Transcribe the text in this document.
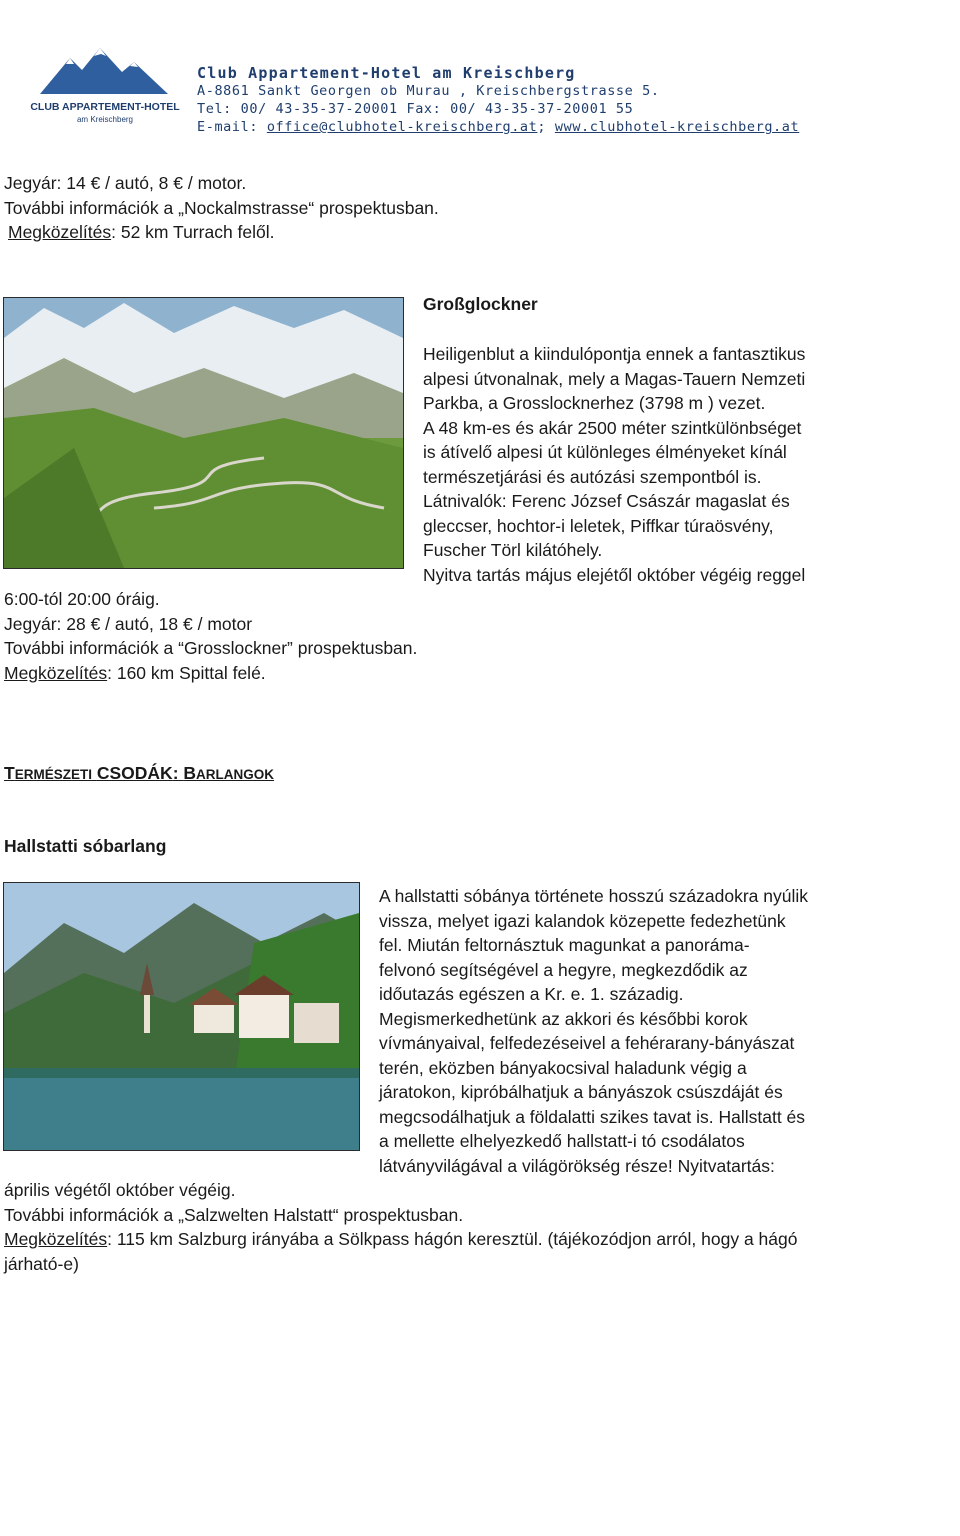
CLUB APPARTEMENT-HOTEL
am Kreischberg
Club Appartement-Hotel am Kreischberg
A-8861 Sankt Georgen ob Murau , Kreischbergstrasse 5.
Tel: 00/ 43-35-37-20001 Fax: 00/ 43-35-37-20001 55
E-mail: office@clubhotel-kreischberg.at; www.clubhotel-kreischberg.at
Jegyár: 14 € / autó, 8 € / motor.
További információk a „Nockalmstrasse“ prospektusban.
Megközelítés: 52 km Turrach felől.
Großglockner
Heiligenblut a kiindulópontja ennek a fantasztikus
alpesi útvonalnak, mely a Magas-Tauern Nemzeti
Parkba, a Grosslocknerhez (3798 m ) vezet.
A 48 km-es és akár 2500 méter szintkülönbséget
is átívelő alpesi út különleges élményeket kínál
természetjárási és autózási szempontból is.
Látnivalók: Ferenc József Császár magaslat és
gleccser, hochtor-i leletek, Piffkar túraösvény,
Fuscher Törl kilátóhely.
Nyitva tartás május elejétől október végéig reggel
6:00-tól 20:00 óráig.
Jegyár: 28 € / autó, 18 € / motor
További információk a “Grosslockner” prospektusban.
Megközelítés: 160 km Spittal felé.
TERMÉSZETI CSODÁK: BARLANGOK
Hallstatti sóbarlang
A hallstatti sóbánya története hosszú századokra nyúlik
vissza, melyet igazi kalandok közepette fedezhetünk
fel. Miután feltornásztuk magunkat a panoráma-
felvonó segítségével a hegyre, megkezdődik az
időutazás egészen a Kr. e. 1. századig.
Megismerkedhetünk az akkori és későbbi korok
vívmányaival, felfedezéseivel a fehérarany-bányászat
terén, eközben bányakocsival haladunk végig a
járatokon, kipróbálhatjuk a bányászok csúszdáját és
megcsodálhatjuk a földalatti szikes tavat is. Hallstatt és
a mellette elhelyezkedő hallstatt-i tó csodálatos
látványvilágával a világörökség része! Nyitvatartás:
április végétől október végéig.
További információk a „Salzwelten Halstatt“ prospektusban.
Megközelítés: 115 km Salzburg irányába a Sölkpass hágón keresztül. (tájékozódjon arról, hogy a hágó
járható-e)
